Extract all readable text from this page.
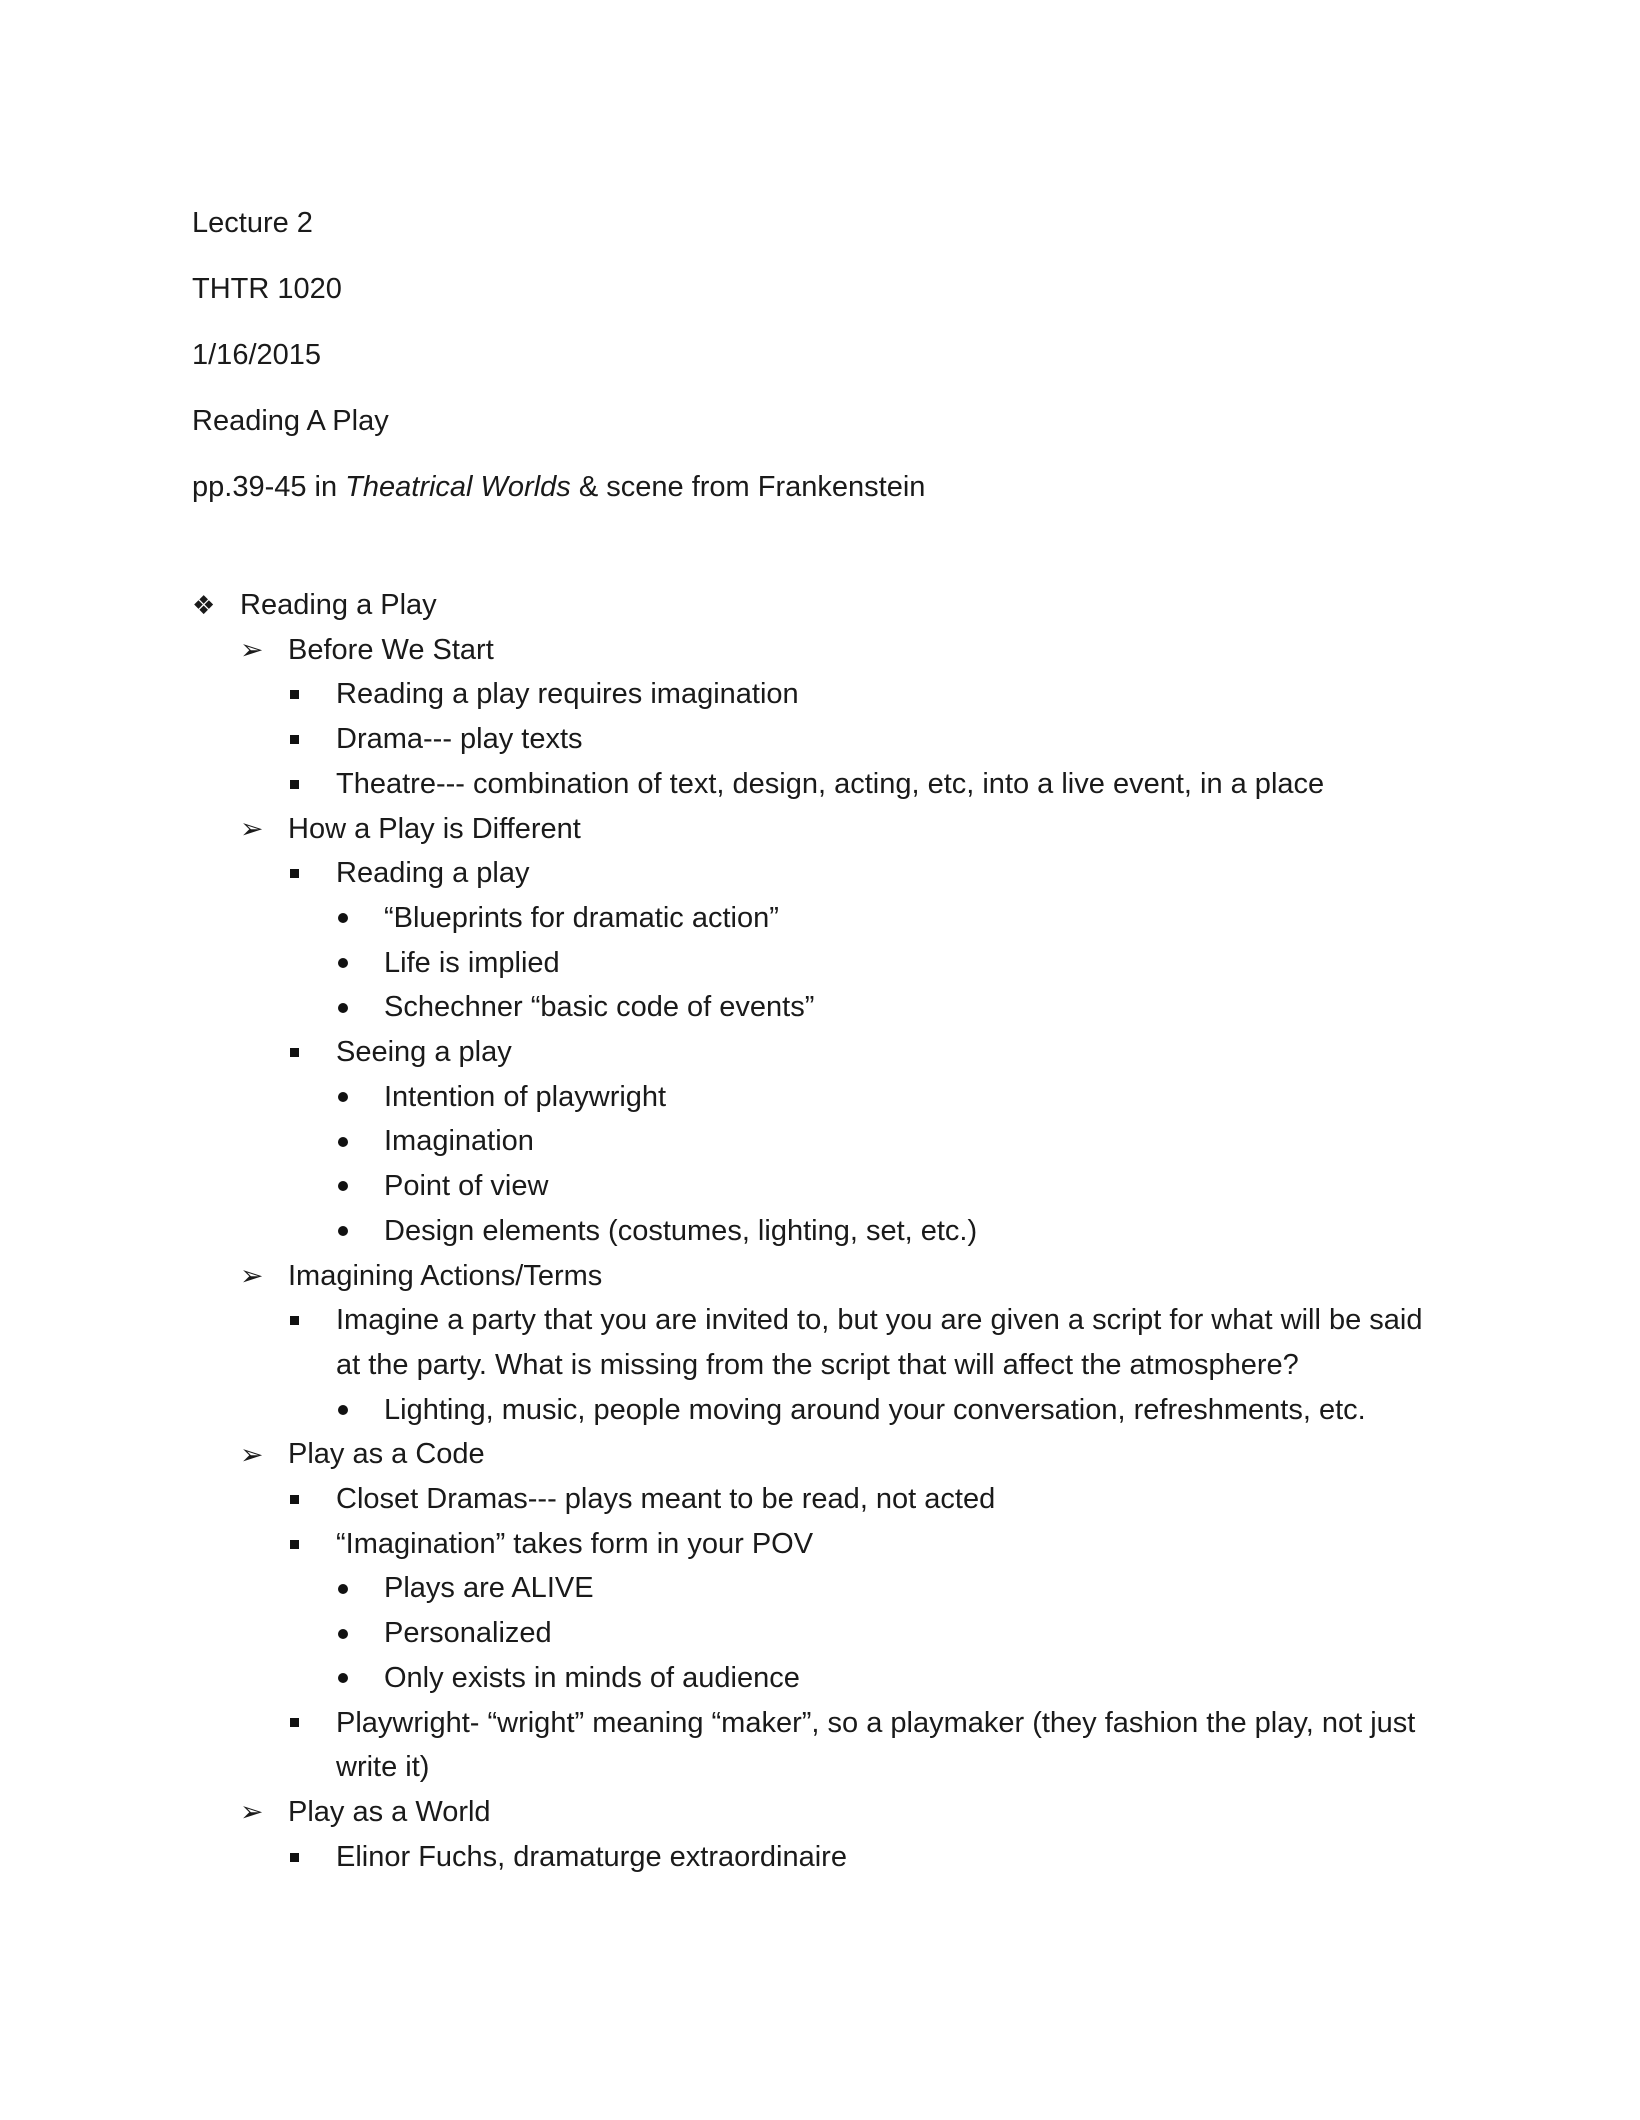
Lecture 2
THTR 1020
1/16/2015
Reading A Play
pp.39-45 in Theatrical Worlds & scene from Frankenstein
❖ Reading a Play
➢ Before We Start
Reading a play requires imagination
Drama--- play texts
Theatre--- combination of text, design, acting, etc, into a live event, in a place
➢ How a Play is Different
Reading a play
“Blueprints for dramatic action”
Life is implied
Schechner “basic code of events”
Seeing a play
Intention of playwright
Imagination
Point of view
Design elements (costumes, lighting, set, etc.)
➢ Imagining Actions/Terms
Imagine a party that you are invited to, but you are given a script for what will be said at the party. What is missing from the script that will affect the atmosphere?
Lighting, music, people moving around your conversation, refreshments, etc.
➢ Play as a Code
Closet Dramas--- plays meant to be read, not acted
“Imagination” takes form in your POV
Plays are ALIVE
Personalized
Only exists in minds of audience
Playwright- “wright” meaning “maker”, so a playmaker (they fashion the play, not just write it)
➢ Play as a World
Elinor Fuchs, dramaturge extraordinaire
